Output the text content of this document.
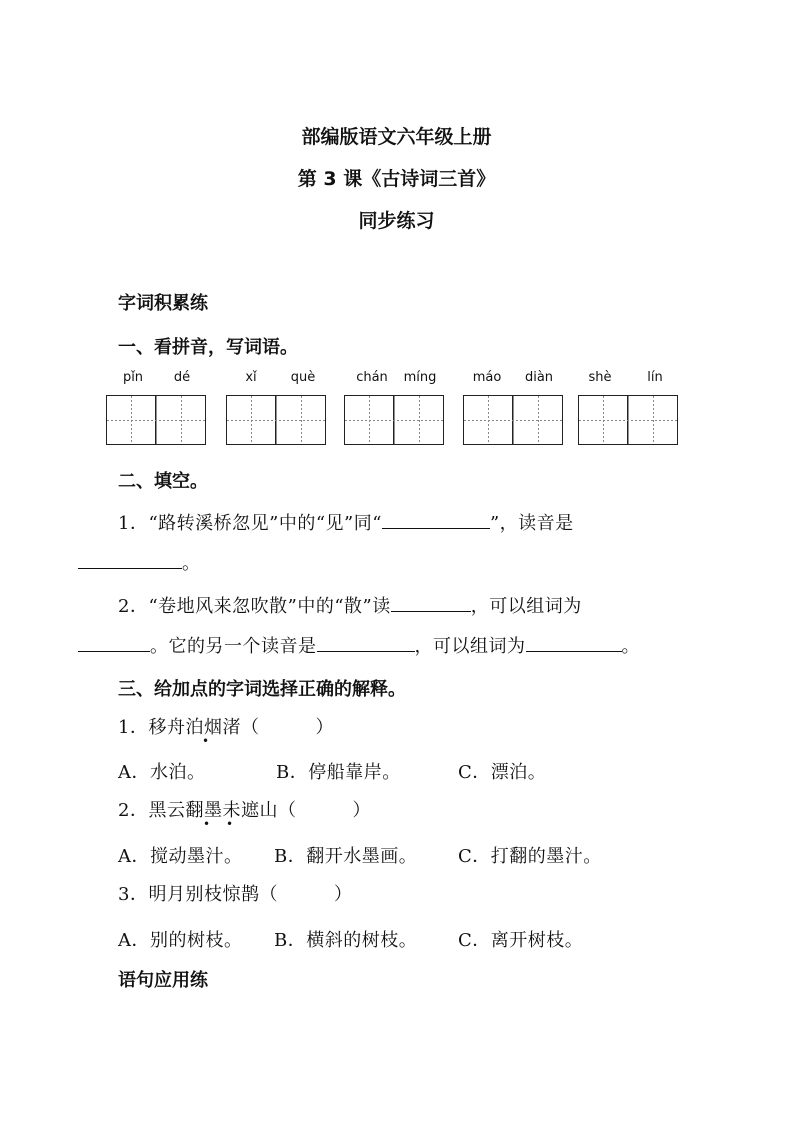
部编版语文六年级上册
第 3 课《古诗词三首》
同步练习
字词积累练
一、看拼音，写词语。
pǐn	dé	xǐ	què	chán	míng	máo	diàn	shè	lín
二、填空。
1．“路转溪桥忽见”中的“见”同“	”，读音是
。
2．“卷地风来忽吹散”中的“散”读	，可以组词为
。它的另一个读音是	，可以组词为	。
三、给加点的字词选择正确的解释。
1．移舟泊烟渚（	）
•
A．水泊。	B．停船靠岸。	C．漂泊。
2．黑云翻墨未遮山（	）
• •
A．搅动墨汁。 B．翻开水墨画。 C．打翻的墨汁。
3．明月别枝惊鹊（	）
A．别的树枝。 B．横斜的树枝。 C．离开树枝。
语句应用练
